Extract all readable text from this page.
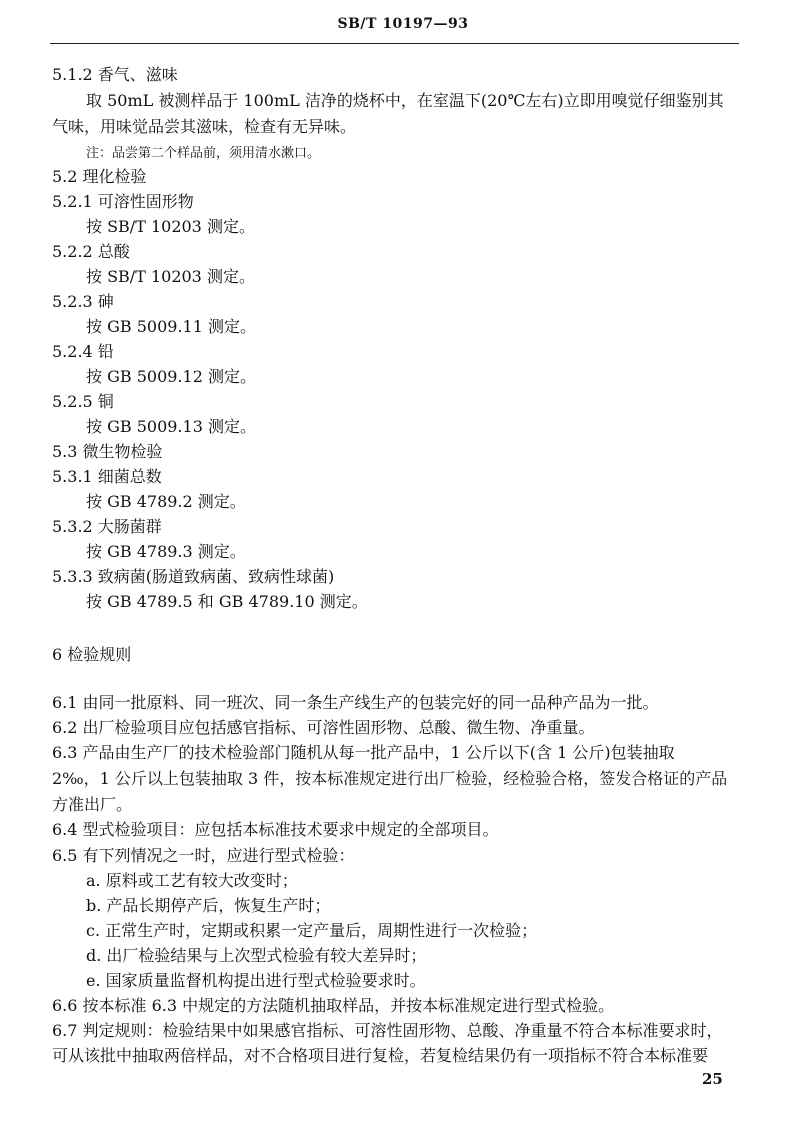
SB/T 10197—93
5.1.2 香气、滋味
取 50mL 被测样品于 100mL 洁净的烧杯中，在室温下(20℃左右)立即用嗅觉仔细鉴别其
气味，用味觉品尝其滋味，检查有无异味。
注：品尝第二个样品前，须用清水漱口。
5.2 理化检验
5.2.1 可溶性固形物
按 SB/T 10203 测定。
5.2.2 总酸
按 SB/T 10203 测定。
5.2.3 砷
按 GB 5009.11 测定。
5.2.4 铅
按 GB 5009.12 测定。
5.2.5 铜
按 GB 5009.13 测定。
5.3 微生物检验
5.3.1 细菌总数
按 GB 4789.2 测定。
5.3.2 大肠菌群
按 GB 4789.3 测定。
5.3.3 致病菌(肠道致病菌、致病性球菌)
按 GB 4789.5 和 GB 4789.10 测定。
6 检验规则
6.1 由同一批原料、同一班次、同一条生产线生产的包装完好的同一品种产品为一批。
6.2 出厂检验项目应包括感官指标、可溶性固形物、总酸、微生物、净重量。
6.3 产品由生产厂的技术检验部门随机从每一批产品中，1 公斤以下(含 1 公斤)包装抽取
2‰，1 公斤以上包装抽取 3 件，按本标准规定进行出厂检验，经检验合格，签发合格证的产品
方准出厂。
6.4 型式检验项目：应包括本标准技术要求中规定的全部项目。
6.5 有下列情况之一时，应进行型式检验：
a. 原料或工艺有较大改变时；
b. 产品长期停产后，恢复生产时；
c. 正常生产时，定期或积累一定产量后，周期性进行一次检验；
d. 出厂检验结果与上次型式检验有较大差异时；
e. 国家质量监督机构提出进行型式检验要求时。
6.6 按本标准 6.3 中规定的方法随机抽取样品，并按本标准规定进行型式检验。
6.7 判定规则：检验结果中如果感官指标、可溶性固形物、总酸、净重量不符合本标准要求时，
可从该批中抽取两倍样品，对不合格项目进行复检，若复检结果仍有一项指标不符合本标准要
25
